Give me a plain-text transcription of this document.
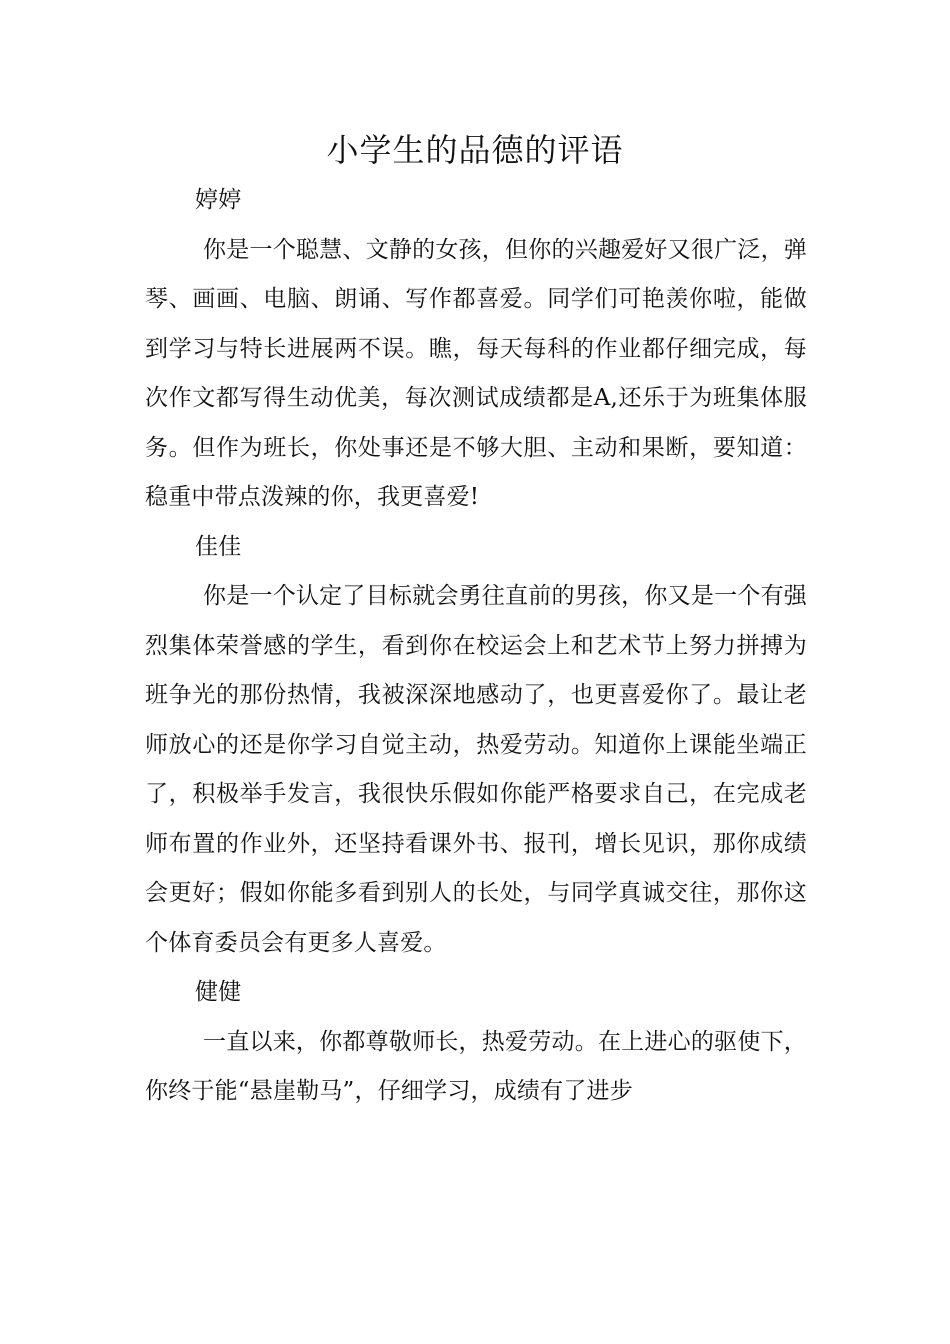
小学生的品德的评语

婷婷

你是一个聪慧、文静的女孩，但你的兴趣爱好又很广泛，弹琴、画画、电脑、朗诵、写作都喜爱。同学们可艳羡你啦，能做到学习与特长进展两不误。瞧，每天每科的作业都仔细完成，每次作文都写得生动优美，每次测试成绩都是A,还乐于为班集体服务。但作为班长，你处事还是不够大胆、主动和果断，要知道：稳重中带点泼辣的你，我更喜爱!

佳佳

你是一个认定了目标就会勇往直前的男孩，你又是一个有强烈集体荣誉感的学生，看到你在校运会上和艺术节上努力拼搏为班争光的那份热情，我被深深地感动了，也更喜爱你了。最让老师放心的还是你学习自觉主动，热爱劳动。知道你上课能坐端正了，积极举手发言，我很快乐假如你能严格要求自己，在完成老师布置的作业外，还坚持看课外书、报刊，增长见识，那你成绩会更好；假如你能多看到别人的长处，与同学真诚交往，那你这个体育委员会有更多人喜爱。

健健

一直以来，你都尊敬师长，热爱劳动。在上进心的驱使下，你终于能“悬崖勒马”，仔细学习，成绩有了进步
